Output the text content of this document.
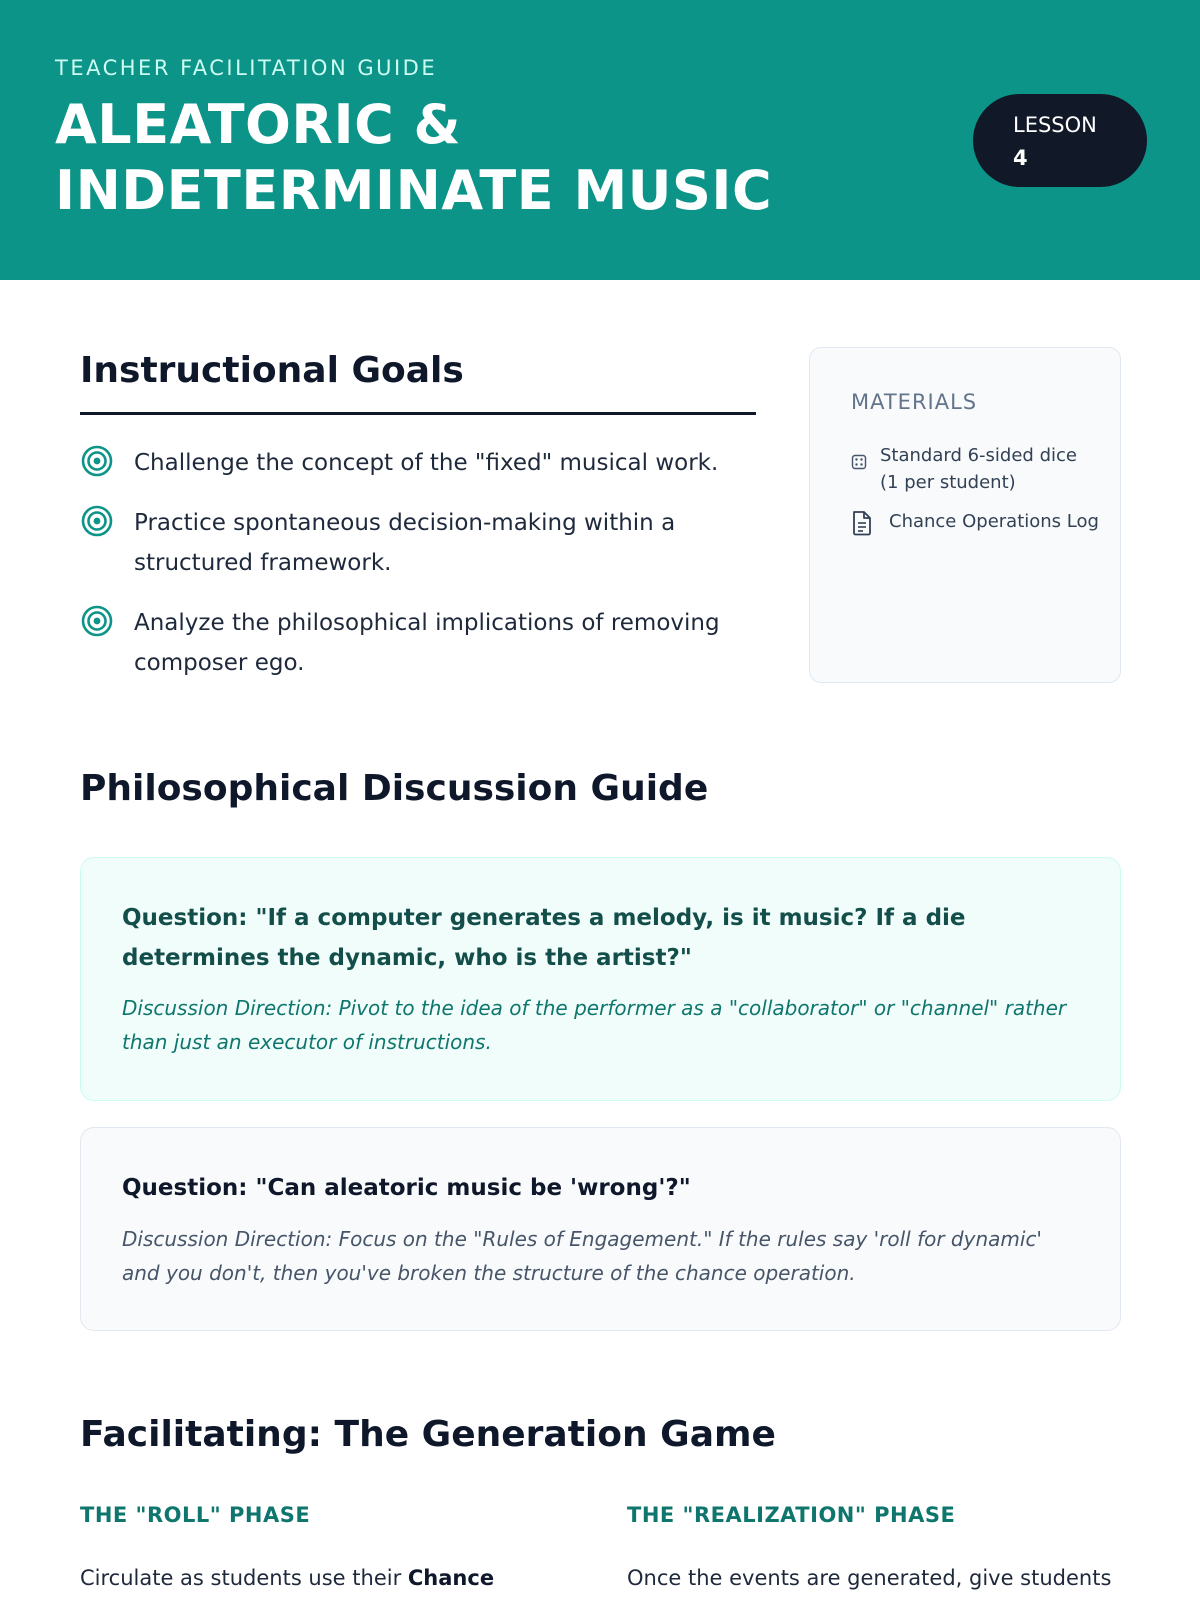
TEACHER FACILITATION GUIDE
ALEATORIC & INDETERMINATE MUSIC
LESSON
4
Instructional Goals
Challenge the concept of the "fixed" musical work.
Practice spontaneous decision-making within a structured framework.
Analyze the philosophical implications of removing composer ego.
MATERIALS
Standard 6-sided dice (1 per student)
Chance Operations Log
Philosophical Discussion Guide

Question: "If a computer generates a melody, is it music? If a die determines the dynamic, who is the artist?"

Discussion Direction: Pivot to the idea of the performer as a "collaborator" or "channel" rather than just an executor of instructions.

Question: "Can aleatoric music be 'wrong'?"

Discussion Direction: Focus on the "Rules of Engagement." If the rules say 'roll for dynamic' and you don't, then you've broken the structure of the chance operation.

Facilitating: The Generation Game
THE "ROLL" PHASE	THE "REALIZATION" PHASE

Circulate as students use their Chance	Once the events are generated, give students
